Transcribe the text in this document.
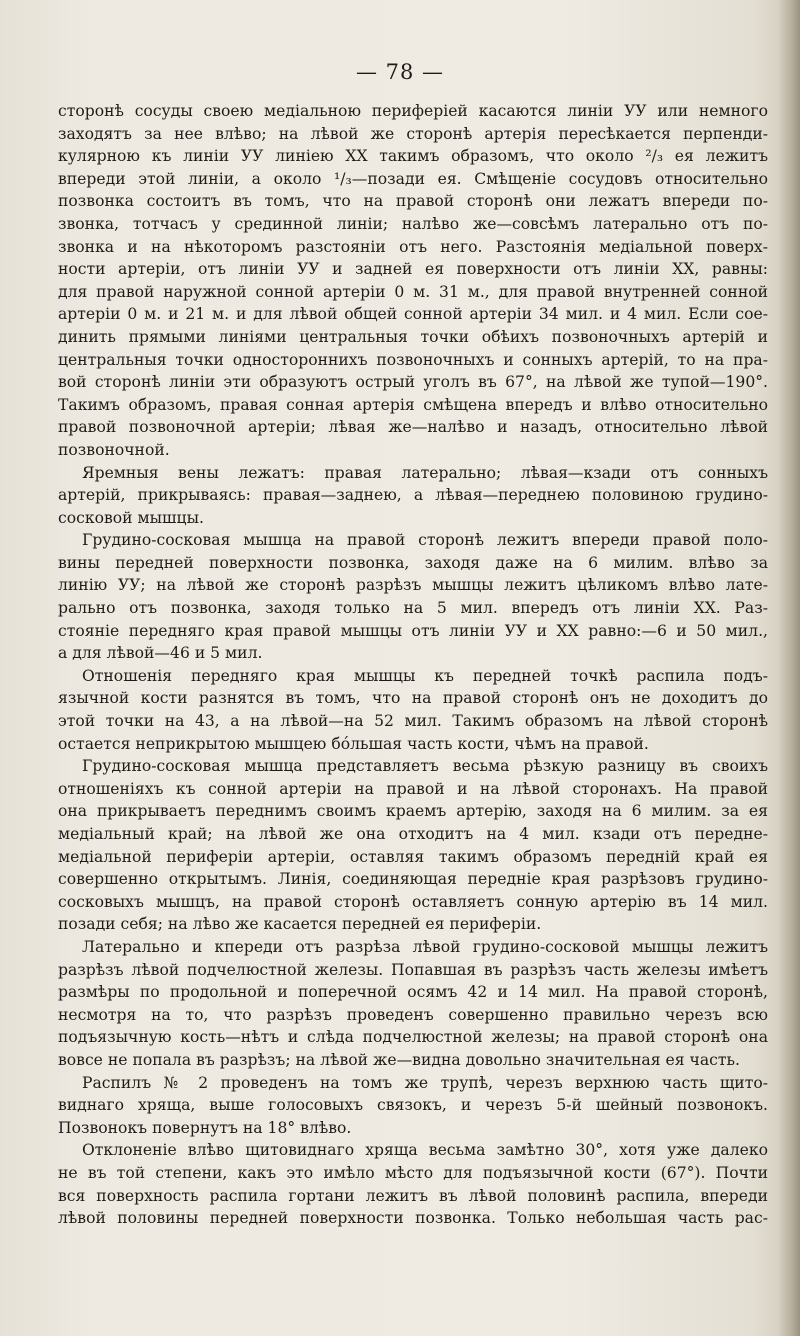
— 78 —
сторонѣ сосуды своею медіальною периферіей касаются линіи УУ или немного
заходятъ за нее влѣво; на лѣвой же сторонѣ артерія пересѣкается перпенди-
кулярною къ линіи УУ линіею ХХ такимъ образомъ, что около ²/₃ ея лежитъ
впереди этой линіи, а около ¹/₃—позади ея. Смѣщеніе сосудовъ относительно
позвонка состоитъ въ томъ, что на правой сторонѣ они лежатъ впереди по-
звонка, тотчасъ у срединной линіи; налѣво же—совсѣмъ латерально отъ по-
звонка и на нѣкоторомъ разстояніи отъ него. Разстоянія медіальной поверх-
ности артеріи, отъ линіи УУ и задней ея поверхности отъ линіи ХХ, равны:
для правой наружной сонной артеріи 0 м. 31 м., для правой внутренней сонной
артеріи 0 м. и 21 м. и для лѣвой общей сонной артеріи 34 мил. и 4 мил. Если сое-
динить прямыми линіями центральныя точки обѣихъ позвоночныхъ артерій и
центральныя точки одностороннихъ позвоночныхъ и сонныхъ артерій, то на пра-
вой сторонѣ линіи эти образуютъ острый уголъ въ 67°, на лѣвой же тупой—190°.
Такимъ образомъ, правая сонная артерія смѣщена впередъ и влѣво относительно
правой позвоночной артеріи; лѣвая же—налѣво и назадъ, относительно лѣвой
позвоночной.
Яремныя вены лежатъ: правая латерально; лѣвая—кзади отъ сонныхъ
артерій, прикрываясь: правая—заднею, а лѣвая—переднею половиною грудино-
сосковой мышцы.
Грудино-сосковая мышца на правой сторонѣ лежитъ впереди правой поло-
вины передней поверхности позвонка, заходя даже на 6 милим. влѣво за
линію УУ; на лѣвой же сторонѣ разрѣзъ мышцы лежитъ цѣликомъ влѣво лате-
рально отъ позвонка, заходя только на 5 мил. впередъ отъ линіи ХХ. Раз-
стояніе передняго края правой мышцы отъ линіи УУ и ХХ равно:—6 и 50 мил.,
а для лѣвой—46 и 5 мил.
Отношенія передняго края мышцы къ передней точкѣ распила подъ-
язычной кости разнятся въ томъ, что на правой сторонѣ онъ не доходитъ до
этой точки на 43, а на лѣвой—на 52 мил. Такимъ образомъ на лѣвой сторонѣ
остается неприкрытою мышцею бóльшая часть кости, чѣмъ на правой.
Грудино-сосковая мышца представляетъ весьма рѣзкую разницу въ своихъ
отношеніяхъ къ сонной артеріи на правой и на лѣвой сторонахъ. На правой
она прикрываетъ переднимъ своимъ краемъ артерію, заходя на 6 милим. за ея
медіальный край; на лѣвой же она отходитъ на 4 мил. кзади отъ передне-
медіальной периферіи артеріи, оставляя такимъ образомъ передній край ея
совершенно открытымъ. Линія, соединяющая передніе края разрѣзовъ грудино-
сосковыхъ мышцъ, на правой сторонѣ оставляетъ сонную артерію въ 14 мил.
позади себя; на лѣво же касается передней ея периферіи.
Латерально и кпереди отъ разрѣза лѣвой грудино-сосковой мышцы лежитъ
разрѣзъ лѣвой подчелюстной железы. Попавшая въ разрѣзъ часть железы имѣетъ
размѣры по продольной и поперечной осямъ 42 и 14 мил. На правой сторонѣ,
несмотря на то, что разрѣзъ проведенъ совершенно правильно черезъ всю
подъязычную кость—нѣтъ и слѣда подчелюстной железы; на правой сторонѣ она
вовсе не попала въ разрѣзъ; на лѣвой же—видна довольно значительная ея часть.
Распилъ № 2 проведенъ на томъ же трупѣ, черезъ верхнюю часть щито-
виднаго хряща, выше голосовыхъ связокъ, и черезъ 5-й шейный позвонокъ.
Позвонокъ повернутъ на 18° влѣво.
Отклоненіе влѣво щитовиднаго хряща весьма замѣтно 30°, хотя уже далеко
не въ той степени, какъ это имѣло мѣсто для подъязычной кости (67°). Почти
вся поверхность распила гортани лежитъ въ лѣвой половинѣ распила, впереди
лѣвой половины передней поверхности позвонка. Только небольшая часть рас-
